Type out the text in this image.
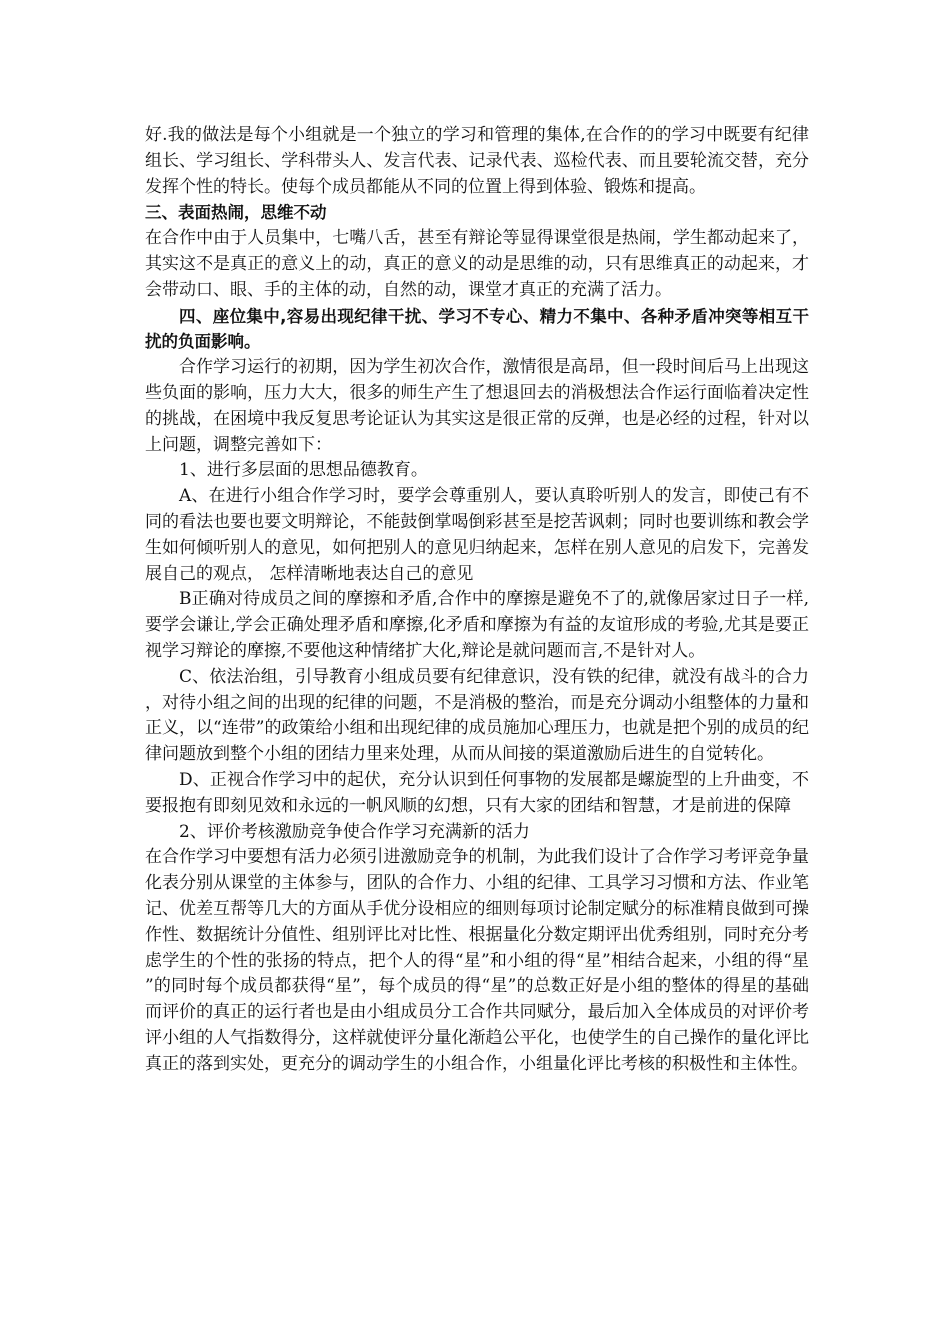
好.我的做法是每个小组就是一个独立的学习和管理的集体,在合作的的学习中既要有纪律组长、学习组长、学科带头人、发言代表、记录代表、巡检代表、而且要轮流交替，充分发挥个性的特长。使每个成员都能从不同的位置上得到体验、锻炼和提高。

三、表面热闹，思维不动

在合作中由于人员集中，七嘴八舌，甚至有辩论等显得课堂很是热闹，学生都动起来了，其实这不是真正的意义上的动，真正的意义的动是思维的动，只有思维真正的动起来，才会带动口、眼、手的主体的动，自然的动，课堂才真正的充满了活力。

四、座位集中,容易出现纪律干扰、学习不专心、精力不集中、各种矛盾冲突等相互干扰的负面影响。

合作学习运行的初期，因为学生初次合作，激情很是高昂，但一段时间后马上出现这些负面的影响，压力大大，很多的师生产生了想退回去的消极想法合作运行面临着决定性的挑战，在困境中我反复思考论证认为其实这是很正常的反弹，也是必经的过程，针对以上问题，调整完善如下：

1、进行多层面的思想品德教育。

A、在进行小组合作学习时，要学会尊重别人，要认真聆听别人的发言，即使己有不同的看法也要也要文明辩论，不能鼓倒掌喝倒彩甚至是挖苦讽刺；同时也要训练和教会学生如何倾听别人的意见，如何把别人的意见归纳起来，怎样在别人意见的启发下，完善发展自己的观点， 怎样清晰地表达自己的意见

B正确对待成员之间的摩擦和矛盾,合作中的摩擦是避免不了的,就像居家过日子一样,要学会谦让,学会正确处理矛盾和摩擦,化矛盾和摩擦为有益的友谊形成的考验,尤其是要正视学习辩论的摩擦,不要他这种情绪扩大化,辩论是就问题而言,不是针对人。

C、依法治组，引导教育小组成员要有纪律意识，没有铁的纪律，就没有战斗的合力，对待小组之间的出现的纪律的问题，不是消极的整治，而是充分调动小组整体的力量和正义，以“连带”的政策给小组和出现纪律的成员施加心理压力，也就是把个别的成员的纪律问题放到整个小组的团结力里来处理，从而从间接的渠道激励后进生的自觉转化。

D、正视合作学习中的起伏，充分认识到任何事物的发展都是螺旋型的上升曲变，不要报抱有即刻见效和永远的一帆风顺的幻想，只有大家的团结和智慧，才是前进的保障

2、评价考核激励竞争使合作学习充满新的活力

在合作学习中要想有活力必须引进激励竞争的机制，为此我们设计了合作学习考评竞争量化表分别从课堂的主体参与，团队的合作力、小组的纪律、工具学习习惯和方法、作业笔记、优差互帮等几大的方面从手优分设相应的细则每项讨论制定赋分的标准精良做到可操作性、数据统计分值性、组别评比对比性、根据量化分数定期评出优秀组别，同时充分考虑学生的个性的张扬的特点，把个人的得“星”和小组的得“星”相结合起来，小组的得“星”的同时每个成员都获得“星”，每个成员的得“星”的总数正好是小组的整体的得星的基础而评价的真正的运行者也是由小组成员分工合作共同赋分，最后加入全体成员的对评价考评小组的人气指数得分，这样就使评分量化渐趋公平化，也使学生的自己操作的量化评比真正的落到实处，更充分的调动学生的小组合作，小组量化评比考核的积极性和主体性。
